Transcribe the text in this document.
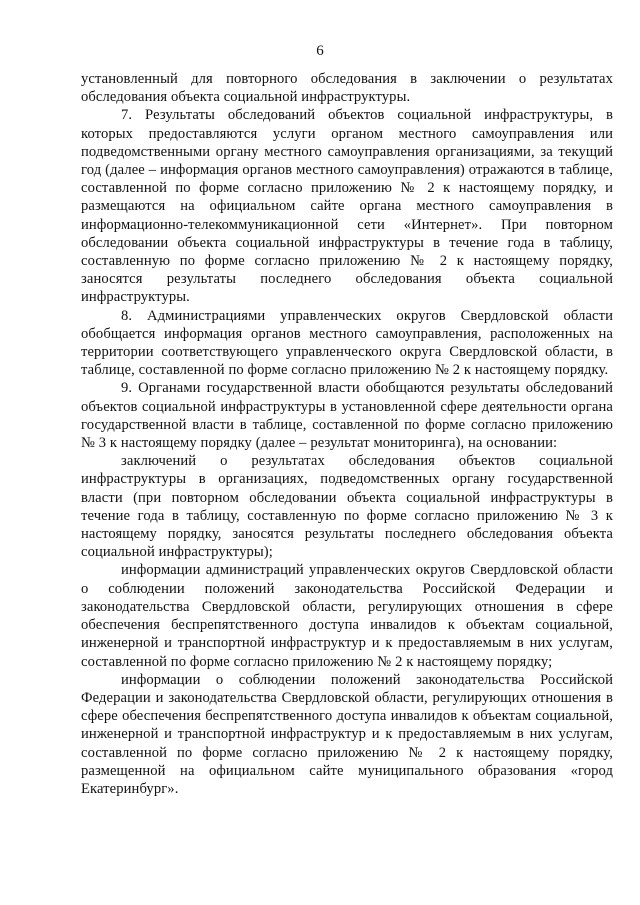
6

установленный для повторного обследования в заключении о результатах обследования объекта социальной инфраструктуры.

7. Результаты обследований объектов социальной инфраструктуры, в которых предоставляются услуги органом местного самоуправления или подведомственными органу местного самоуправления организациями, за текущий год (далее – информация органов местного самоуправления) отражаются в таблице, составленной по форме согласно приложению № 2 к настоящему порядку, и размещаются на официальном сайте органа местного самоуправления в информационно-телекоммуникационной сети «Интернет». При повторном обследовании объекта социальной инфраструктуры в течение года в таблицу, составленную по форме согласно приложению № 2 к настоящему порядку, заносятся результаты последнего обследования объекта социальной инфраструктуры.

8. Администрациями управленческих округов Свердловской области обобщается информация органов местного самоуправления, расположенных на территории соответствующего управленческого округа Свердловской области, в таблице, составленной по форме согласно приложению № 2 к настоящему порядку.

9. Органами государственной власти обобщаются результаты обследований объектов социальной инфраструктуры в установленной сфере деятельности органа государственной власти в таблице, составленной по форме согласно приложению № 3 к настоящему порядку (далее – результат мониторинга), на основании:

заключений о результатах обследования объектов социальной инфраструктуры в организациях, подведомственных органу государственной власти (при повторном обследовании объекта социальной инфраструктуры в течение года в таблицу, составленную по форме согласно приложению № 3 к настоящему порядку, заносятся результаты последнего обследования объекта социальной инфраструктуры);

информации администраций управленческих округов Свердловской области о соблюдении положений законодательства Российской Федерации и законодательства Свердловской области, регулирующих отношения в сфере обеспечения беспрепятственного доступа инвалидов к объектам социальной, инженерной и транспортной инфраструктур и к предоставляемым в них услугам, составленной по форме согласно приложению № 2 к настоящему порядку;

информации о соблюдении положений законодательства Российской Федерации и законодательства Свердловской области, регулирующих отношения в сфере обеспечения беспрепятственного доступа инвалидов к объектам социальной, инженерной и транспортной инфраструктур и к предоставляемым в них услугам, составленной по форме согласно приложению № 2 к настоящему порядку, размещенной на официальном сайте муниципального образования «город Екатеринбург».
